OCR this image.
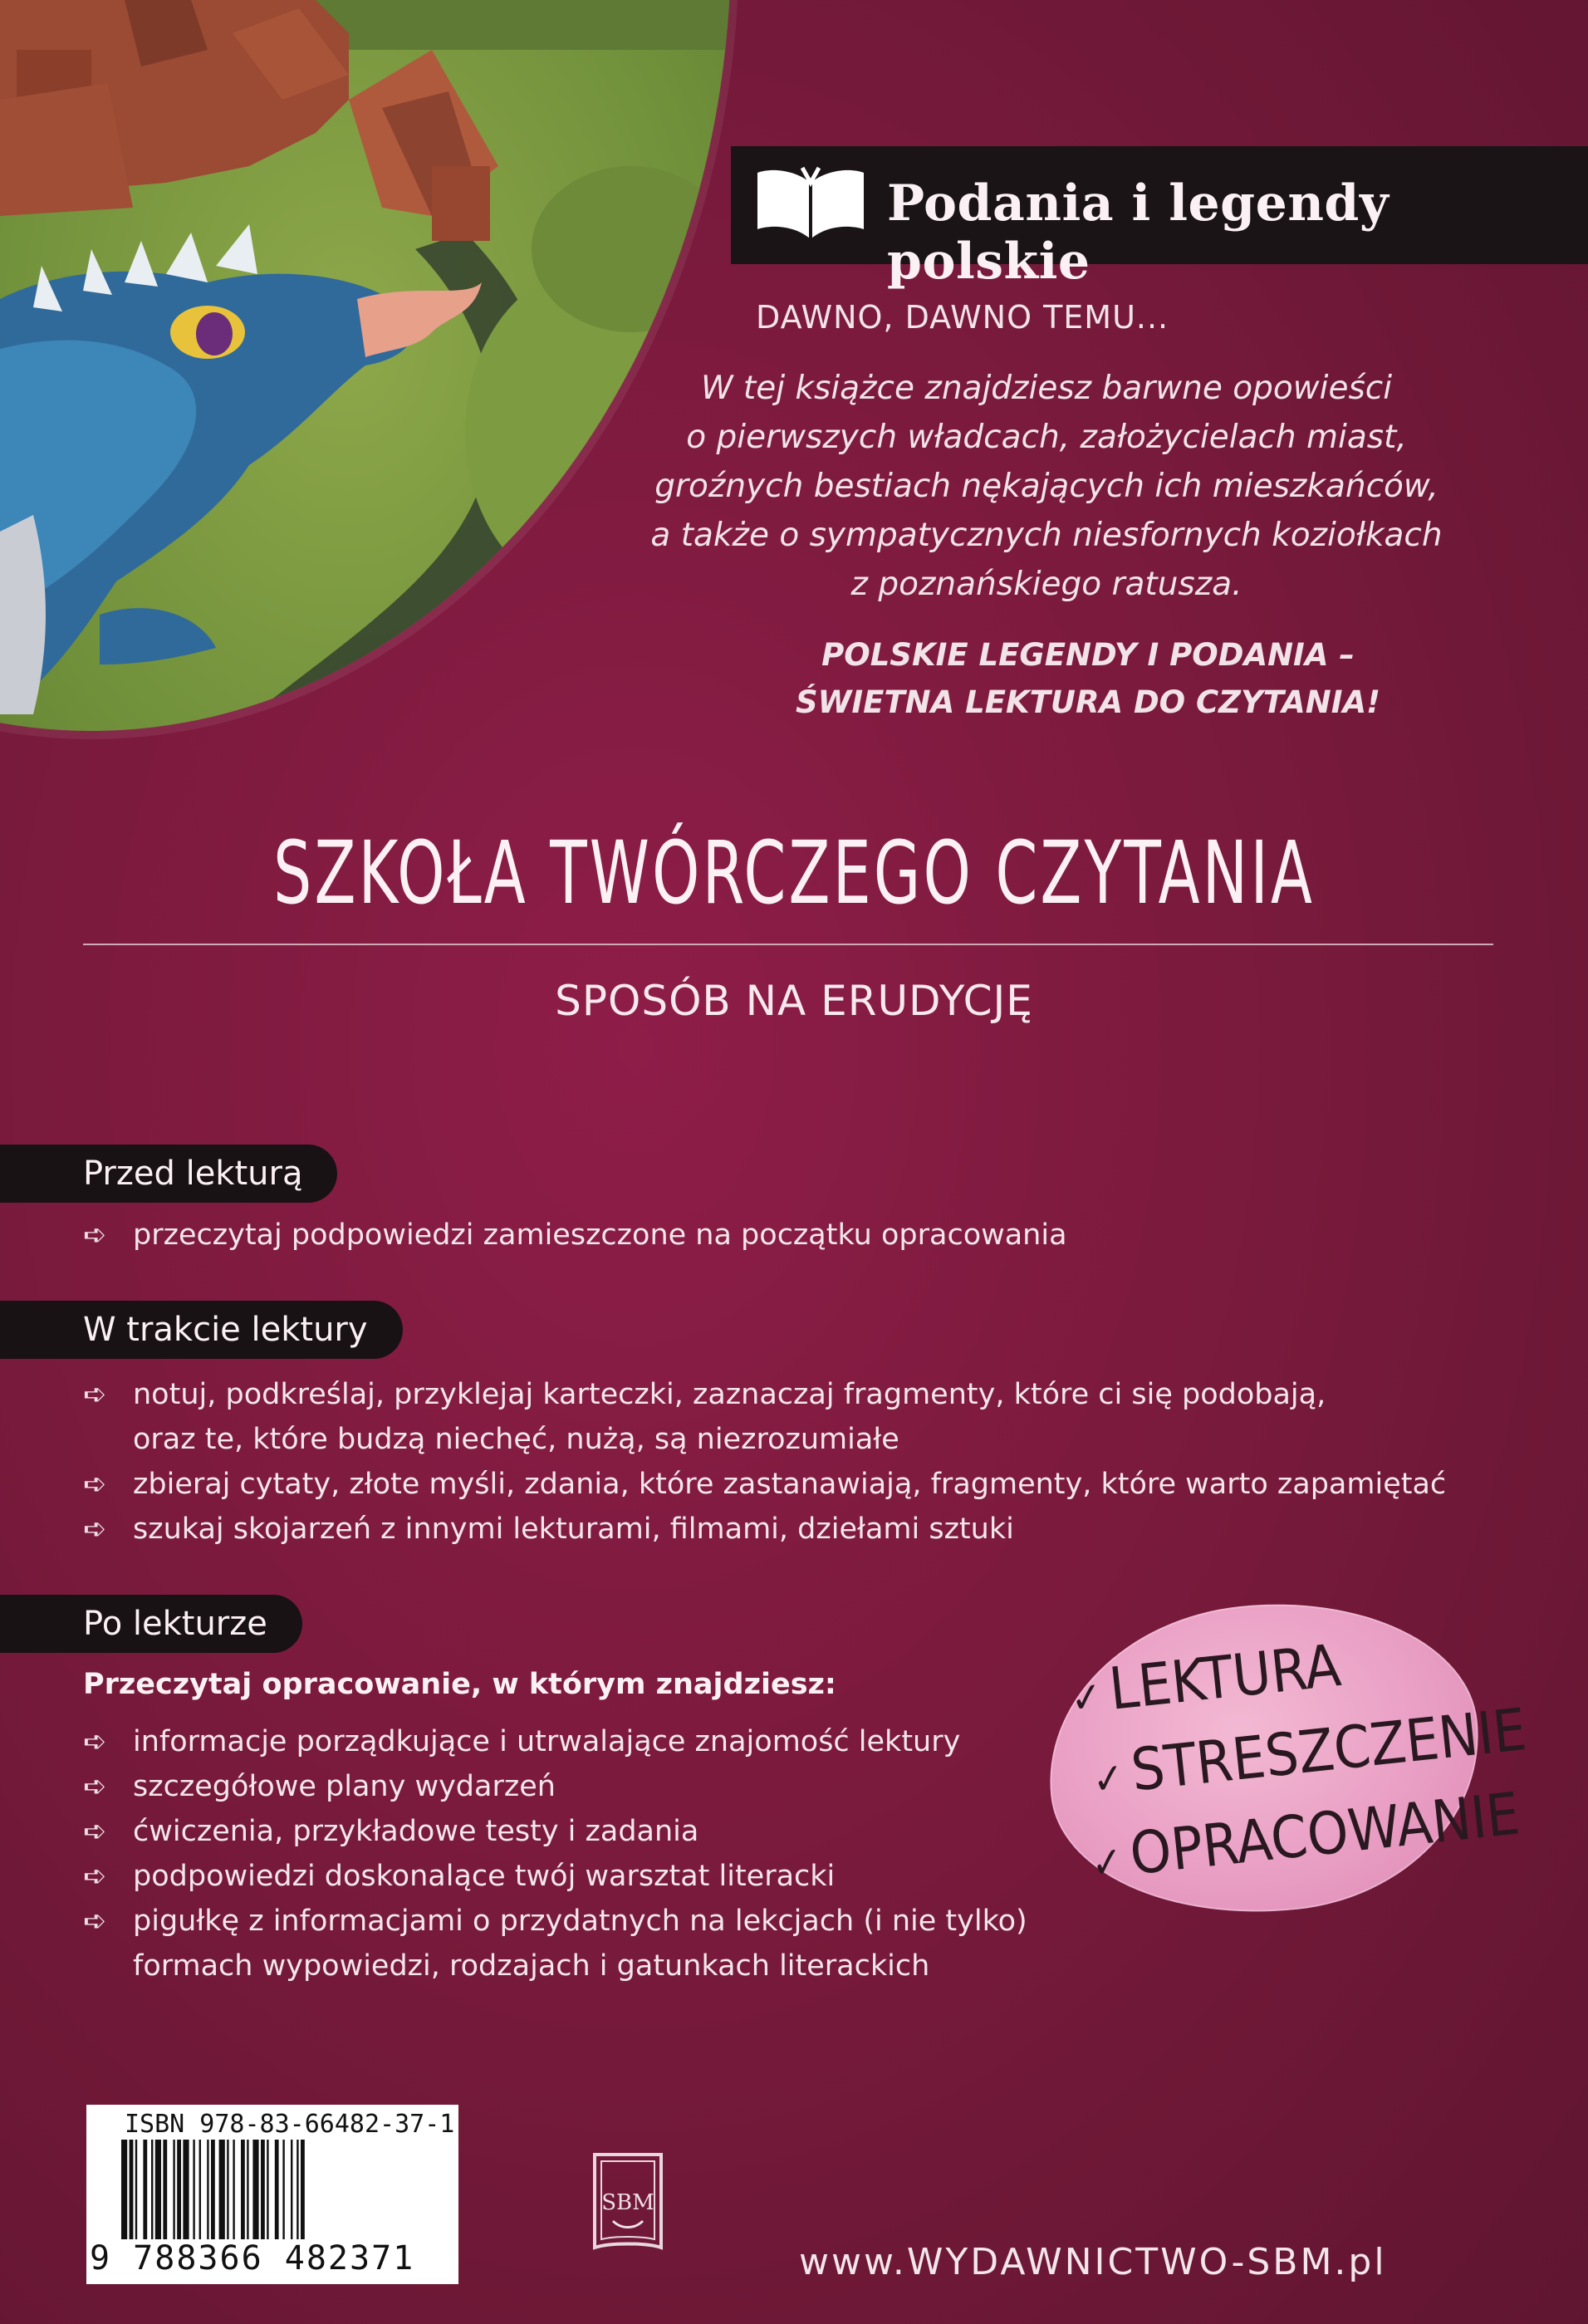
Podania i legendy polskie
DAWNO, DAWNO TEMU...
W tej książce znajdziesz barwne opowieści
o pierwszych władcach, założycielach miast,
groźnych bestiach nękających ich mieszkańców,
a także o sympatycznych niesfornych koziołkach
z poznańskiego ratusza.
POLSKIE LEGENDY I PODANIA –
ŚWIETNA LEKTURA DO CZYTANIA!
SZKOŁA TWÓRCZEGO CZYTANIA
SPOSÓB NA ERUDYCJĘ
Przed lekturą
➪ przeczytaj podpowiedzi zamieszczone na początku opracowania
W trakcie lektury
➪ notuj, podkreślaj, przyklejaj karteczki, zaznaczaj fragmenty, które ci się podobają,
oraz te, które budzą niechęć, nużą, są niezrozumiałe
➪ zbieraj cytaty, złote myśli, zdania, które zastanawiają, fragmenty, które warto zapamiętać
➪ szukaj skojarzeń z innymi lekturami, filmami, dziełami sztuki
Po lekturze
Przeczytaj opracowanie, w którym znajdziesz:
➪ informacje porządkujące i utrwalające znajomość lektury
➪ szczegółowe plany wydarzeń
➪ ćwiczenia, przykładowe testy i zadania
➪ podpowiedzi doskonalące twój warsztat literacki
➪ pigułkę z informacjami o przydatnych na lekcjach (i nie tylko)
formach wypowiedzi, rodzajach i gatunkach literackich
✓LEKTURA
✓STRESZCZENIE
✓OPRACOWANIE
ISBN 978-83-66482-37-1
9 788366 482371
SBM
www.WYDAWNICTWO-SBM.pl
